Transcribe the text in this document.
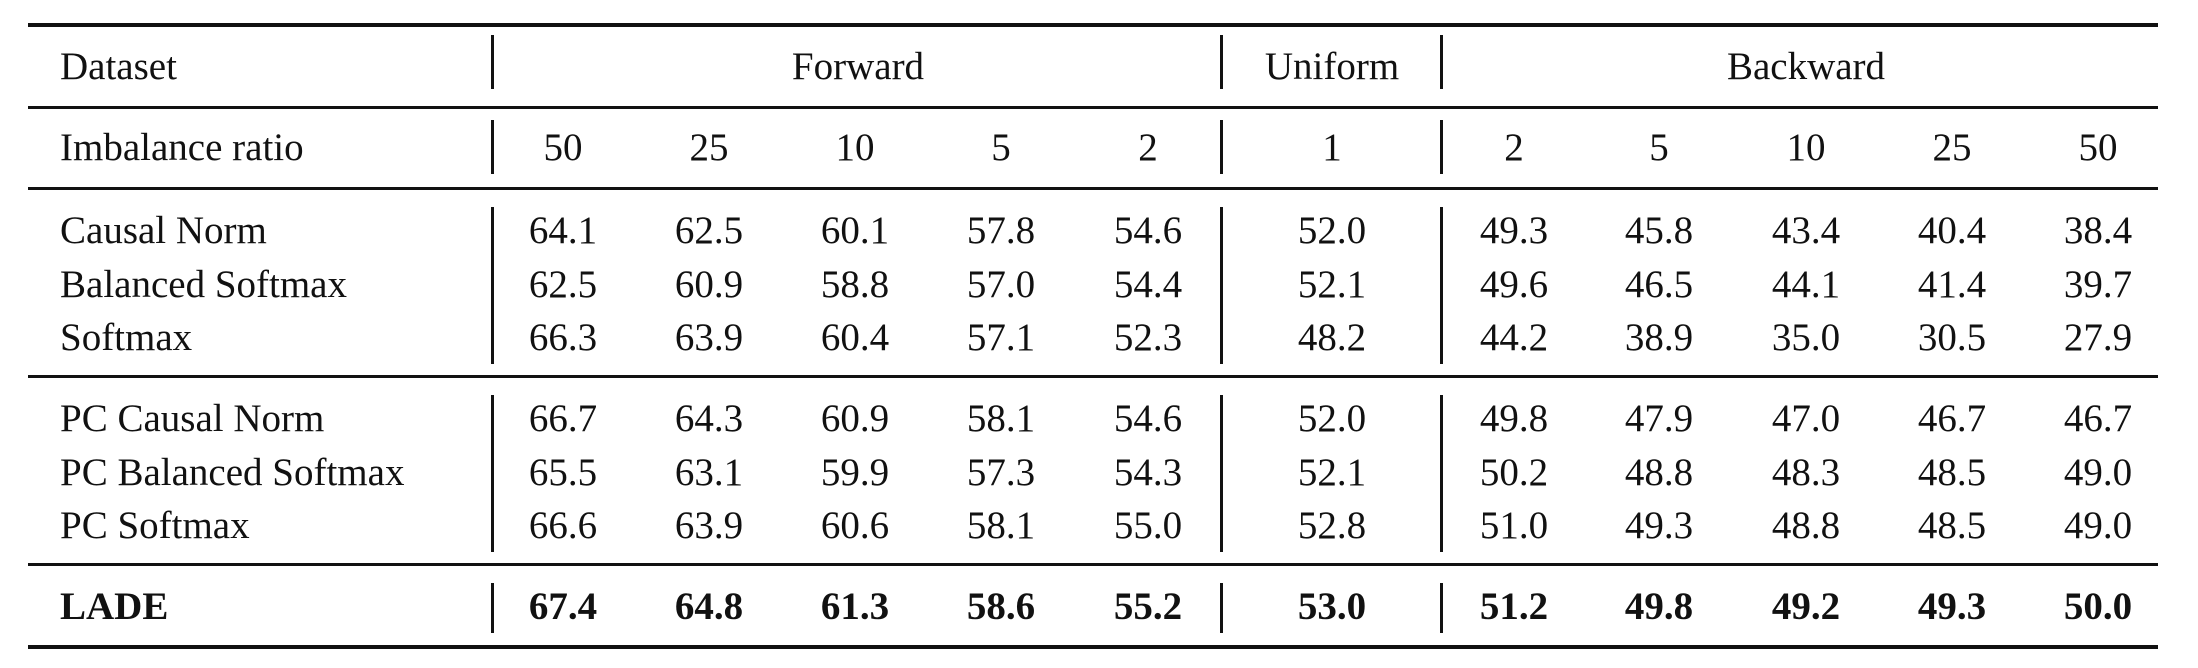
Dataset	Forward	Uniform	Backward
Imbalance ratio	50	25	10	5	2	1	2	5	10	25	50
Causal Norm	64.1	62.5	60.1	57.8	54.6	52.0	49.3	45.8	43.4	40.4	38.4
Balanced Softmax	62.5	60.9	58.8	57.0	54.4	52.1	49.6	46.5	44.1	41.4	39.7
Softmax	66.3	63.9	60.4	57.1	52.3	48.2	44.2	38.9	35.0	30.5	27.9
PC Causal Norm	66.7	64.3	60.9	58.1	54.6	52.0	49.8	47.9	47.0	46.7	46.7
PC Balanced Softmax	65.5	63.1	59.9	57.3	54.3	52.1	50.2	48.8	48.3	48.5	49.0
PC Softmax	66.6	63.9	60.6	58.1	55.0	52.8	51.0	49.3	48.8	48.5	49.0
LADE	67.4	64.8	61.3	58.6	55.2	53.0	51.2	49.8	49.2	49.3	50.0
